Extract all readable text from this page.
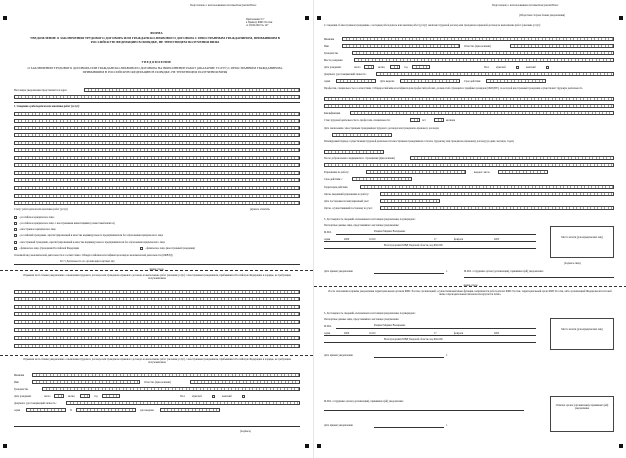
Подготовлено с использованием системы КонсультантПлюс
Приложение N 7
к Приказу ФМС России
от 28.06.2010 № 147
ФОРМА
УВЕДОМЛЕНИЕ О ЗАКЛЮЧЕНИИ ТРУДОВОГО ДОГОВОРА ИЛИ ГРАЖДАНСКО-ПРАВОВОГО ДОГОВОРА С ИНОСТРАННЫМ ГРАЖДАНИНОМ, ПРИБЫВШИМ В РОССИЙСКУЮ ФЕДЕРАЦИЮ В ПОРЯДКЕ, НЕ ТРЕБУЮЩЕМ ПОЛУЧЕНИЯ ВИЗЫ
УВЕДОМЛЕНИЕ
О ЗАКЛЮЧЕНИИ ТРУДОВОГО ДОГОВОРА ИЛИ ГРАЖДАНСКО-ПРАВОВОГО ДОГОВОРА НА ВЫПОЛНЕНИЕ РАБОТ (ОКАЗАНИЕ УСЛУГ) С ИНОСТРАННЫМ ГРАЖДАНИНОМ, ПРИБЫВШИМ В РОССИЙСКУЮ ФЕДЕРАЦИЮ В ПОРЯДКЕ, НЕ ТРЕБУЮЩЕМ ПОЛУЧЕНИЯ ВИЗЫ
Настоящее уведомление представляется в адрес
1. Сведения о работодателе или заказчике работ (услуг):
Статус работодателя или заказчика работ (услуг)	(нужное отметить
- российское юридическое лицо
- российское юридическое лицо с иностранными инвестициями (совместный капитал)
- иностранное юридическое лицо
- российский гражданин, зарегистрированный в качестве индивидуального предпринимателя без образования юридического лица
- иностранный гражданин, зарегистрированный в качестве индивидуального предпринимателя без образования юридического лица
- физическое лицо (гражданин Российской Федерации	- физическое лицо (иностранный гражданин)
Основной вид экономической деятельности в соответствии с Общероссийским классификатором видов экономической деятельности (ОКВЭД)
92.71 Деятельность по организации азартных игр
линия отреза
Отрывная часть бланка уведомления о заключении трудового договора или гражданско-правового договора на выполнение работ (оказание услуг) с иностранным гражданином, прибывшим в Российскую Федерацию в порядке, не требующем получения визы
Отрывная часть бланка уведомления о заключении трудового договора или гражданско-правового договора на выполнение работ (оказание услуг) с иностранным гражданином, прибывшим в Российскую Федерацию в порядке, не требующем получения визы
Фамилия
Имя	Отчество (при наличии)
Гражданство
Дата рождения:	число	месяц	год	Пол:	мужской	женский
Документ, удостоверяющий личность:
серия	N	дата выдачи:
(подпись)
Подготовлено с использованием системы КонсультантПлюс
(Оборотная сторона бланка уведомления)
2. Сведения об иностранном гражданине, с которым работодатель или заказчик работ (услуг) заключил трудовой договор или гражданско-правовой договор на выполнение работ (оказание услуг):
Фамилия
Имя	Отчество (при наличии)
Гражданство
Место рождения
Дата рождения:	число	месяц	год	Пол:	мужской	женский
Документ, удостоверяющий личность:
серия	Дата выдачи:	Срок действия:
Профессия, специальность в соответствии с Общероссийским классификатором профессий рабочих, должностей служащих и тарифных разрядов (ОКПДТР), по которой иностранный гражданин осуществляет трудовую деятельность
Квалификация
Стаж трудовой деятельности по профессии, специальности:	лет	месяцев
Дата заключения с иностранным гражданином трудового договора или гражданско-правового договора:
Планируемый период осуществления трудовой деятельности иностранным гражданином согласно трудовому или гражданско-правовому договору (в днях, месяцах, годах)
После добровольного медицинского страхования (при наличии)
Разрешение на работу:	выдано: число
Срок действия: с
Территория действия
Орган, выдавший разрешение на работу:
Дата постановки на миграционный учет:
Орган, осуществивший постановку на учет:
3. Достоверность сведений, изложенных в настоящем уведомлении, подтверждаю:
Паспортные данные лица, представившего настоящее уведомление:
Ф.И.О.	Рощина Марина Валерьевна
серия	2000	10110	17	февраля	2003
Волгоградским РОВД Тверской области, код 692-006
Место печати (для юридических лиц)
(подпись лица)
Дата приема уведомления	г.	Ф.И.О. сотрудника органа (организации), принявшего(ей) уведомление:
линия отреза
После заполнения и приема уведомления территориальным органом ФМС России, организацией, осуществляющей иные функции, направляется работодателю ФМС России, территориальный орган ФМС России, либо организацией Федеральной почтовой связи сопроводительным письмом или вручается лично.
3. Достоверность сведений, изложенных в настоящем уведомлении, подтверждаю:
Паспортные данные лица, представившего настоящее уведомление:
Ф.И.О.	Рощина Марина Валерьевна
серия	2000	10110	17	февраля	2003
Волгоградским РОВД Тверской области, код 692-006
Место печати (для юридических лиц)
Дата приема уведомления	г.
Ф.И.О. сотрудника органа (организации), принявшего(ей) уведомление:
Отметка органа (организации), принявшего(ей) уведомление
Дата приема уведомления	г.
